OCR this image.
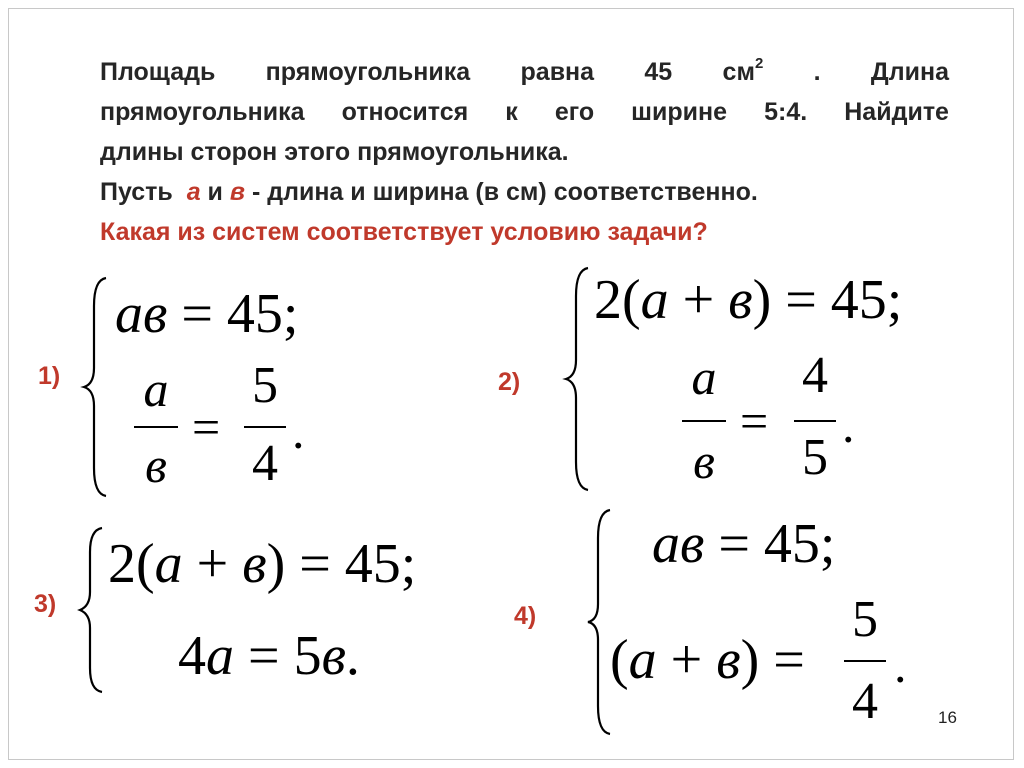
Площадь прямоугольника равна 45 $см^2$ . Длина
прямоугольника относится к его ширине 5:4. Найдите
длины сторон этого прямоугольника.
Пусть а и в - длина и ширина (в см) соответственно.
Какая из систем соответствует условию задачи?
1)
ав = 45;
а
в
=
5
4
.
2)
2(а + в) = 45;
а
в
=
4
5
.
3)
2(а + в) = 45;
4а = 5в.
4)
ав = 45;
(а + в) =
5
4
.
16
